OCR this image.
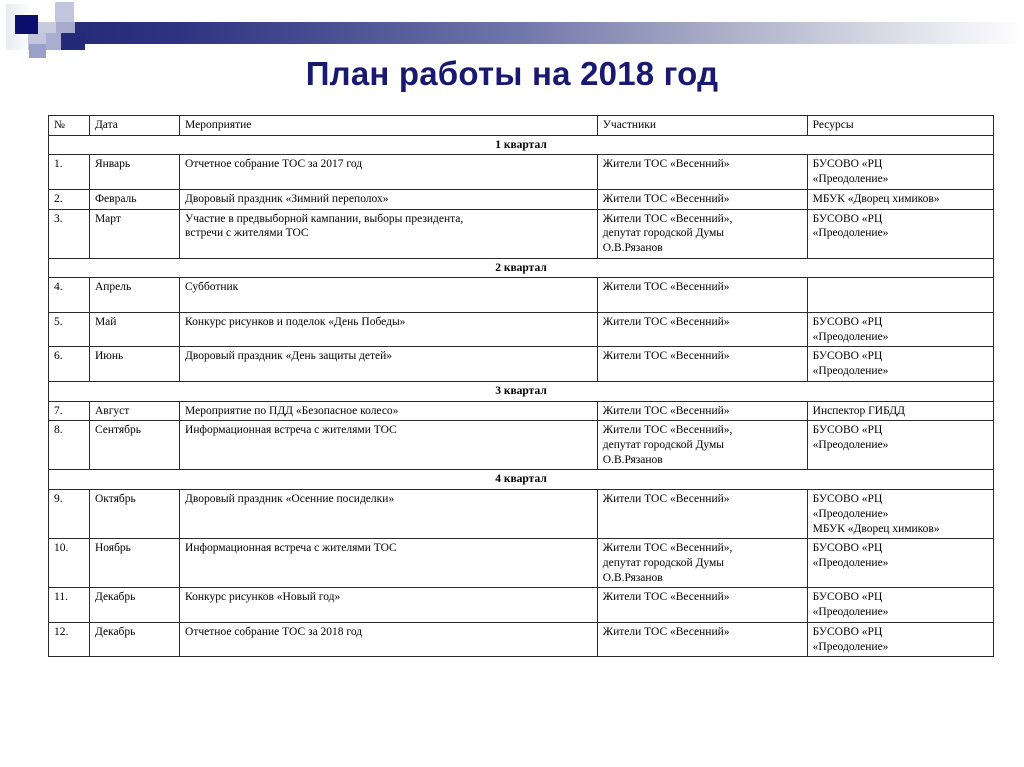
План работы на 2018 год
№	Дата	Мероприятие	Участники	Ресурсы
1 квартал				
1.	Январь	Отчетное собрание ТОС за 2017 год	Жители ТОС «Весенний»	БУСОВО «РЦ
«Преодоление»

2.	Февраль	Дворовый праздник «Зимний переполох»	Жители ТОС «Весенний»	МБУК «Дворец химиков»

3.	Март	Участие в предвыборной кампании, выборы президента,
встречи с жителями ТОС	Жители ТОС «Весенний»,
депутат городской Думы
О.В.Рязанов	БУСОВО «РЦ
«Преодоление»

2 квартал				
4.	Апрель	Субботник	Жители ТОС «Весенний»	

5.	Май	Конкурс рисунков и поделок «День Победы»	Жители ТОС «Весенний»	БУСОВО «РЦ
«Преодоление»

6.	Июнь	Дворовый праздник «День защиты детей»	Жители ТОС «Весенний»	БУСОВО «РЦ
«Преодоление»

3 квартал				
7.	Август	Мероприятие по ПДД «Безопасное колесо»	Жители ТОС «Весенний»	Инспектор ГИБДД

8.	Сентябрь	Информационная встреча с жителями ТОС	Жители ТОС «Весенний»,
депутат городской Думы
О.В.Рязанов	БУСОВО «РЦ
«Преодоление»

4 квартал				
9.	Октябрь	Дворовый праздник «Осенние посиделки»	Жители ТОС «Весенний»	БУСОВО «РЦ
«Преодоление»
МБУК «Дворец химиков»

10.	Ноябрь	Информационная встреча с жителями ТОС	Жители ТОС «Весенний»,
депутат городской Думы
О.В.Рязанов	БУСОВО «РЦ
«Преодоление»

11.	Декабрь	Конкурс рисунков «Новый год»	Жители ТОС «Весенний»	БУСОВО «РЦ
«Преодоление»

12.	Декабрь	Отчетное собрание ТОС за 2018 год	Жители ТОС «Весенний»	БУСОВО «РЦ
«Преодоление»
